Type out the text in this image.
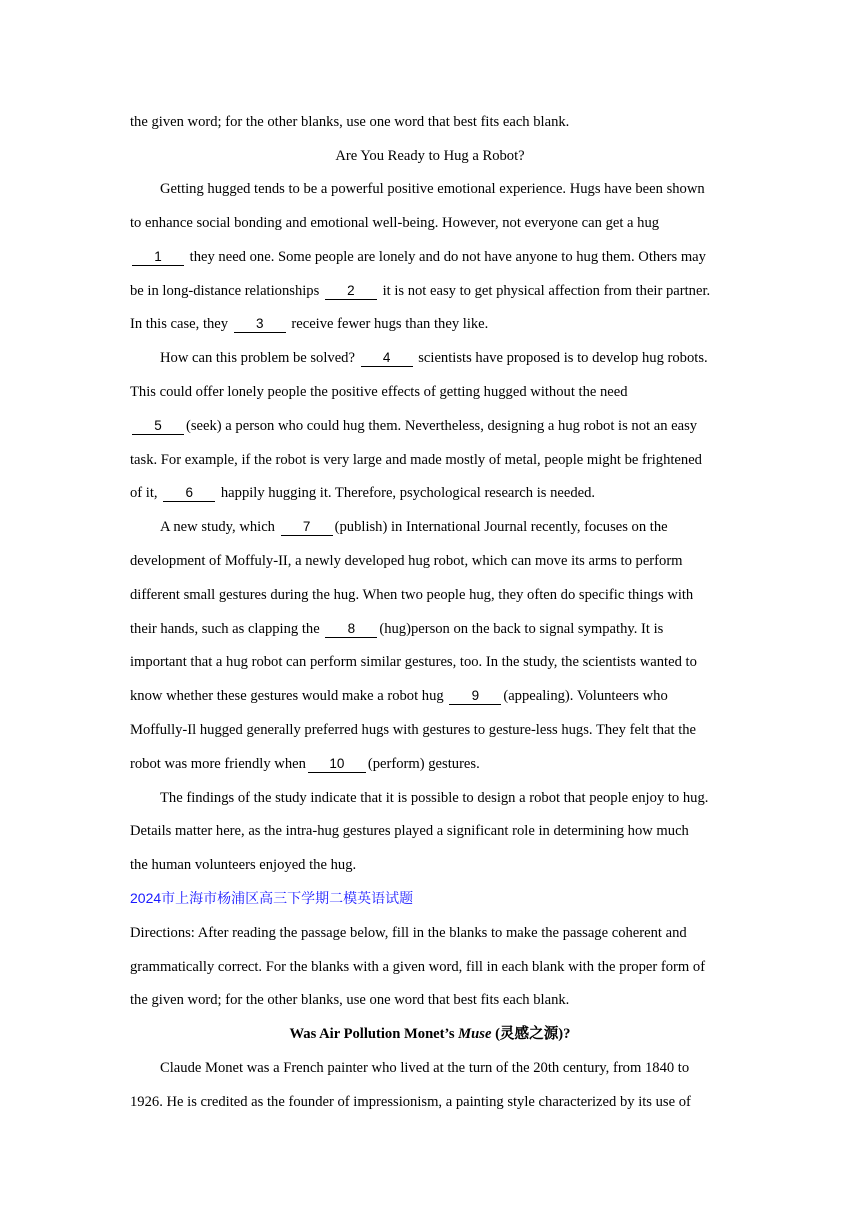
the given word; for the other blanks, use one word that best fits each blank.
Are You Ready to Hug a Robot?
Getting hugged tends to be a powerful positive emotional experience. Hugs have been shown
to enhance social bonding and emotional well-being. However, not everyone can get a hug
1 they need one. Some people are lonely and do not have anyone to hug them. Others may
be in long-distance relationships 2 it is not easy to get physical affection from their partner.
In this case, they 3 receive fewer hugs than they like.
How can this problem be solved? 4 scientists have proposed is to develop hug robots.
This could offer lonely people the positive effects of getting hugged without the need
5 (seek) a person who could hug them. Nevertheless, designing a hug robot is not an easy
task. For example, if the robot is very large and made mostly of metal, people might be frightened
of it, 6 happily hugging it. Therefore, psychological research is needed.
A new study, which 7 (publish) in International Journal recently, focuses on the
development of Moffuly-II, a newly developed hug robot, which can move its arms to perform
different small gestures during the hug. When two people hug, they often do specific things with
their hands, such as clapping the 8 (hug)person on the back to signal sympathy. It is
important that a hug robot can perform similar gestures, too. In the study, the scientists wanted to
know whether these gestures would make a robot hug 9 (appealing). Volunteers who
Moffully-Il hugged generally preferred hugs with gestures to gesture-less hugs. They felt that the
robot was more friendly when 10 (perform) gestures.
The findings of the study indicate that it is possible to design a robot that people enjoy to hug.
Details matter here, as the intra-hug gestures played a significant role in determining how much
the human volunteers enjoyed the hug.
2024市上海市杨浦区高三下学期二模英语试题
Directions: After reading the passage below, fill in the blanks to make the passage coherent and
grammatically correct. For the blanks with a given word, fill in each blank with the proper form of
the given word; for the other blanks, use one word that best fits each blank.
Was Air Pollution Monet’s Muse (灵感之源)?
Claude Monet was a French painter who lived at the turn of the 20th century, from 1840 to
1926. He is credited as the founder of impressionism, a painting style characterized by its use of
